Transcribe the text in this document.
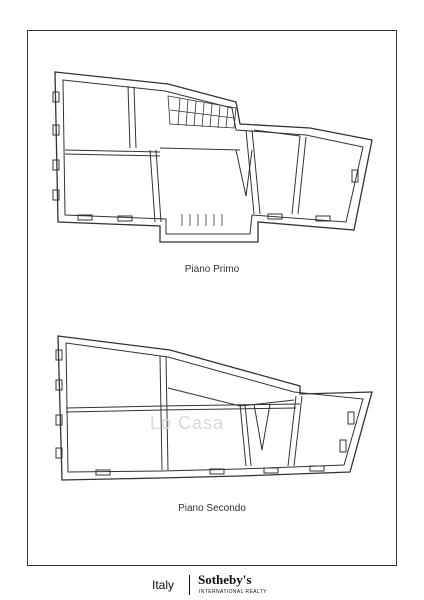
Lo Casa
Piano Primo
Piano Secondo
Italy Sotheby's
INTERNATIONAL REALTY
